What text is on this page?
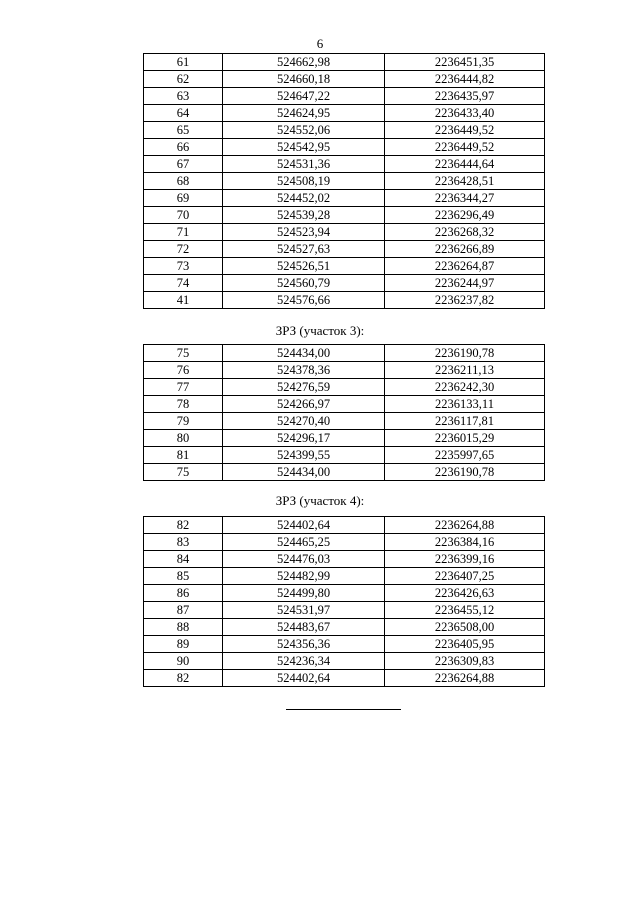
6
61	524662,98	2236451,35
62	524660,18	2236444,82
63	524647,22	2236435,97
64	524624,95	2236433,40
65	524552,06	2236449,52
66	524542,95	2236449,52
67	524531,36	2236444,64
68	524508,19	2236428,51
69	524452,02	2236344,27
70	524539,28	2236296,49
71	524523,94	2236268,32
72	524527,63	2236266,89
73	524526,51	2236264,87
74	524560,79	2236244,97
41	524576,66	2236237,82
ЗРЗ (участок 3):
75	524434,00	2236190,78
76	524378,36	2236211,13
77	524276,59	2236242,30
78	524266,97	2236133,11
79	524270,40	2236117,81
80	524296,17	2236015,29
81	524399,55	2235997,65
75	524434,00	2236190,78
ЗРЗ (участок 4):
82	524402,64	2236264,88
83	524465,25	2236384,16
84	524476,03	2236399,16
85	524482,99	2236407,25
86	524499,80	2236426,63
87	524531,97	2236455,12
88	524483,67	2236508,00
89	524356,36	2236405,95
90	524236,34	2236309,83
82	524402,64	2236264,88
